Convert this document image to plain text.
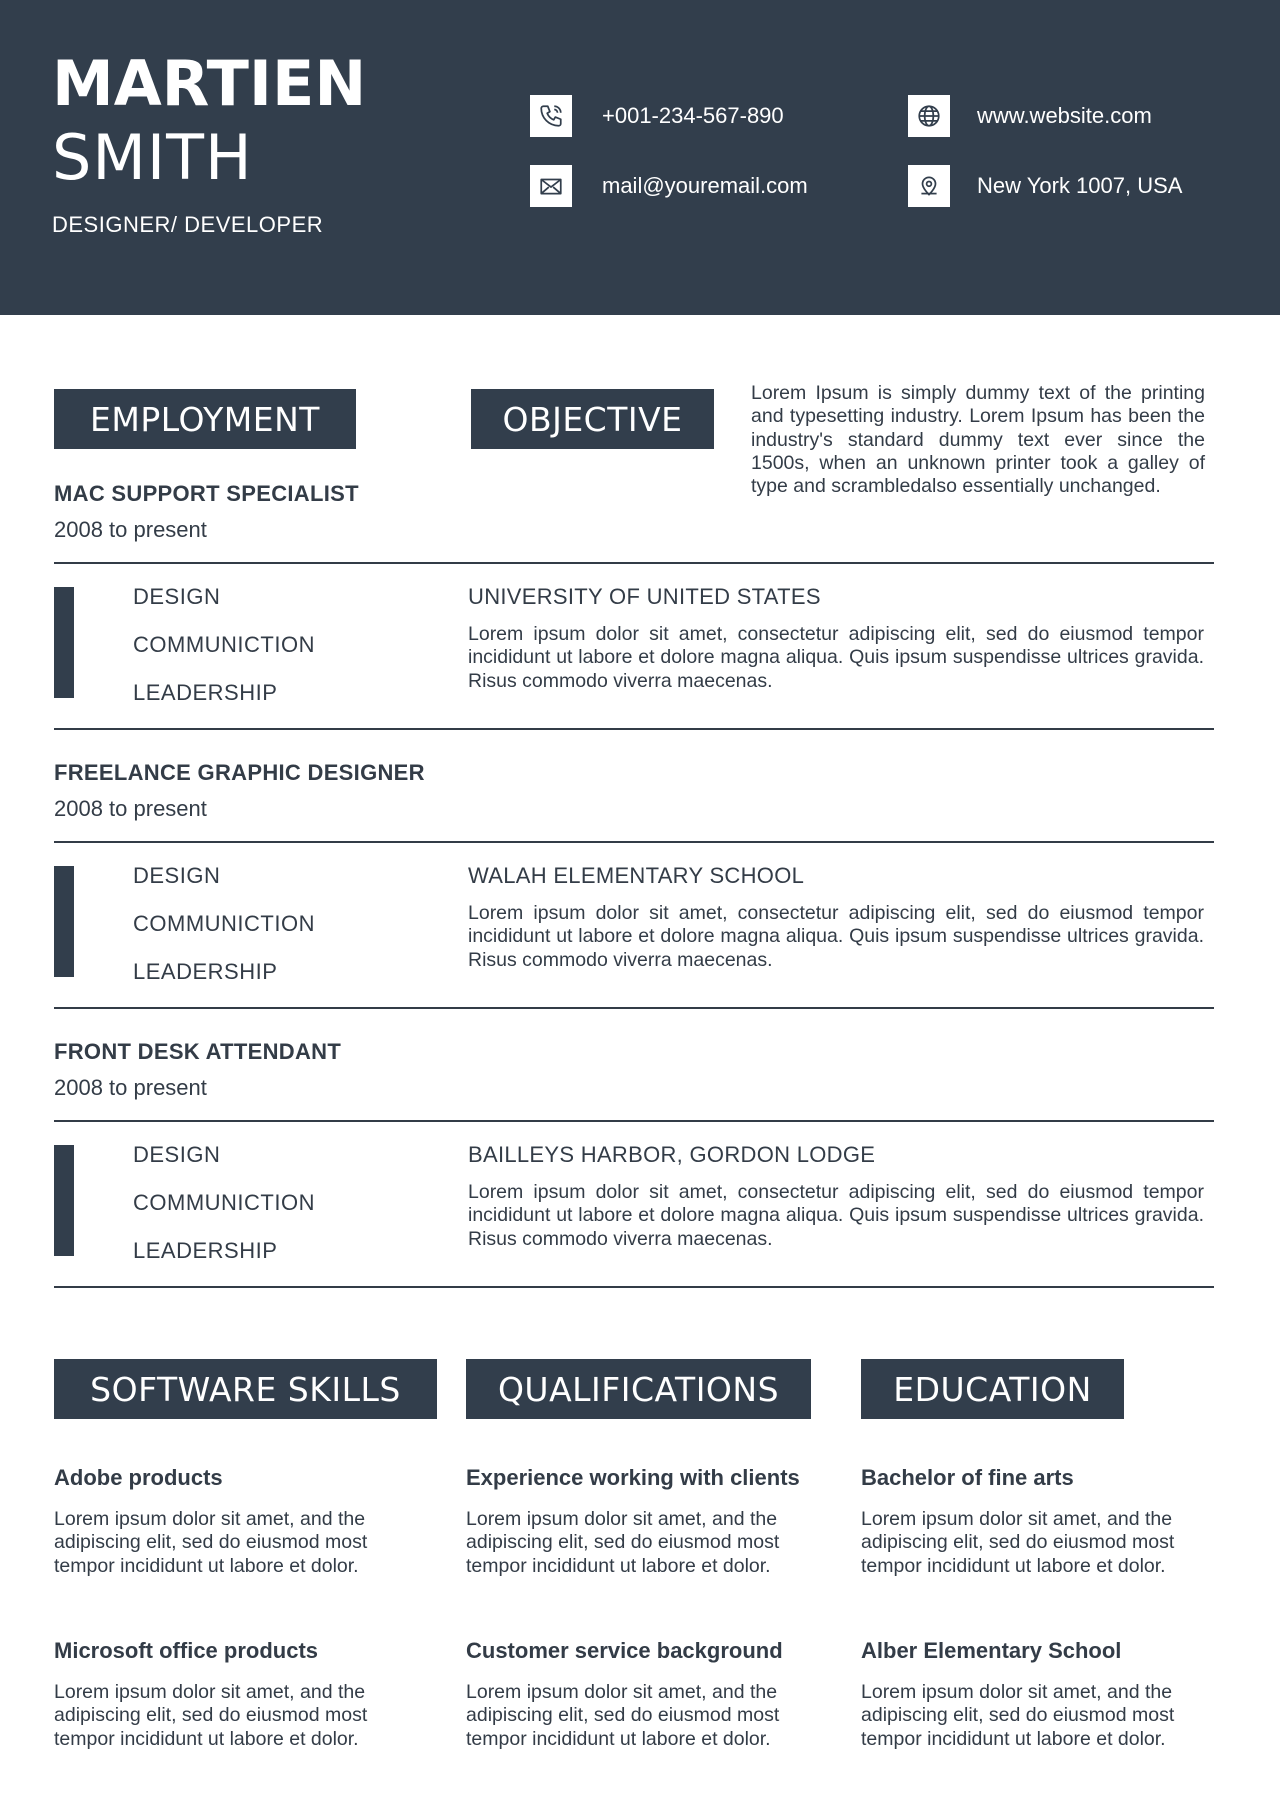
MARTIEN
SMITH
DESIGNER/ DEVELOPER
+001-234-567-890	www.website.com
mail@youremail.com	New York 1007, USA
EMPLOYMENT	OBJECTIVE

Lorem Ipsum is simply dummy text of the printing and typesetting industry. Lorem Ipsum has been the industry's standard dummy text ever since the 1500s, when an unknown printer took a galley of type and scrambledalso essentially unchanged.

MAC SUPPORT SPECIALIST
2008 to present
DESIGN
COMMUNICTION
LEADERSHIP
UNIVERSITY OF UNITED STATES

Lorem ipsum dolor sit amet, consectetur adipiscing elit, sed do eiusmod tempor incididunt ut labore et dolore magna aliqua. Quis ipsum suspendisse ultrices gravida. Risus commodo viverra maecenas.

FREELANCE GRAPHIC DESIGNER
2008 to present
DESIGN
COMMUNICTION
LEADERSHIP
WALAH ELEMENTARY SCHOOL

Lorem ipsum dolor sit amet, consectetur adipiscing elit, sed do eiusmod tempor incididunt ut labore et dolore magna aliqua. Quis ipsum suspendisse ultrices gravida. Risus commodo viverra maecenas.

FRONT DESK ATTENDANT
2008 to present
DESIGN
COMMUNICTION
LEADERSHIP
BAILLEYS HARBOR, GORDON LODGE

Lorem ipsum dolor sit amet, consectetur adipiscing elit, sed do eiusmod tempor incididunt ut labore et dolore magna aliqua. Quis ipsum suspendisse ultrices gravida. Risus commodo viverra maecenas.

SOFTWARE SKILLS	QUALIFICATIONS	EDUCATION
Adobe products

Lorem ipsum dolor sit amet, and the adipiscing elit, sed do eiusmod most tempor incididunt ut labore et dolor.

Microsoft office products

Lorem ipsum dolor sit amet, and the adipiscing elit, sed do eiusmod most tempor incididunt ut labore et dolor.

Experience working with clients

Lorem ipsum dolor sit amet, and the adipiscing elit, sed do eiusmod most tempor incididunt ut labore et dolor.

Customer service background

Lorem ipsum dolor sit amet, and the adipiscing elit, sed do eiusmod most tempor incididunt ut labore et dolor.

Bachelor of fine arts

Lorem ipsum dolor sit amet, and the adipiscing elit, sed do eiusmod most tempor incididunt ut labore et dolor.

Alber Elementary School

Lorem ipsum dolor sit amet, and the adipiscing elit, sed do eiusmod most tempor incididunt ut labore et dolor.
